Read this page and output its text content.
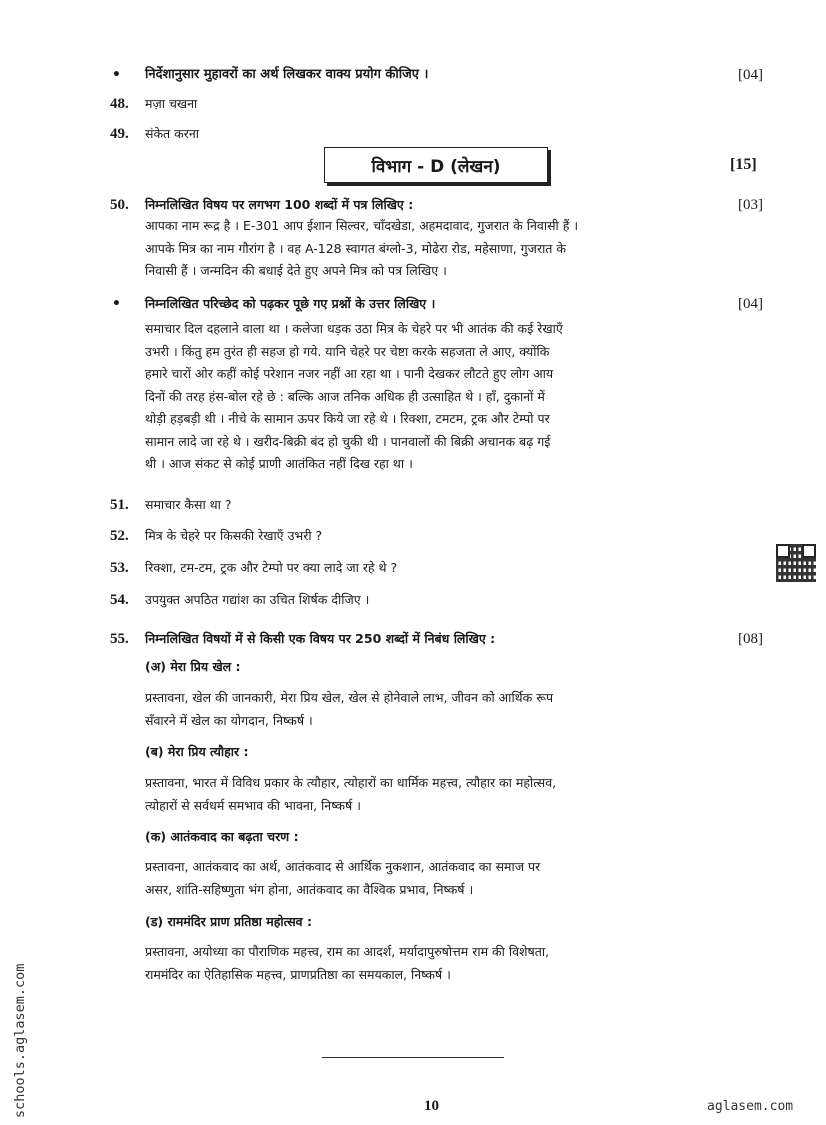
• निर्देशानुसार मुहावरों का अर्थ लिखकर वाक्य प्रयोग कीजिए ।	[04]
48. मज़ा चखना
49. संकेत करना
विभाग - D (लेखन)	[15]
50. निम्नलिखित विषय पर लगभग 100 शब्दों में पत्र लिखिए :	[03]
आपका नाम रूद्र है । E-301 आप ईशान सिल्वर, चाँदखेडा, अहमदावाद, गुजरात के निवासी हैं ।
आपके मित्र का नाम गौरांग है । वह A-128 स्वागत बंग्लो-3, मोढेरा रोड, महेसाणा, गुजरात के
निवासी हैं । जन्मदिन की बधाई देते हुए अपने मित्र को पत्र लिखिए ।
• निम्नलिखित परिच्छेद को पढ़कर पूछे गए प्रश्नों के उत्तर लिखिए ।	[04]
समाचार दिल दहलाने वाला था । कलेजा धड़क उठा मित्र के चेहरे पर भी आतंक की कई रेखाएँ
उभरी । किंतु हम तुरंत ही सहज हो गये. यानि चेहरे पर चेष्टा करके सहजता ले आए, क्योंकि
हमारे चारों ओर कहीं कोई परेशान नजर नहीं आ रहा था । पानी देखकर लौटते हुए लोग आय
दिनों की तरह हंस-बोल रहे छे : बल्कि आज तनिक अधिक ही उत्साहित थे । हाँ, दुकानों में
थोड़ी हड़बड़ी थी । नीचे के सामान ऊपर किये जा रहे थे । रिक्शा, टमटम, ट्रक और टेम्पो पर
सामान लादे जा रहे थे । खरीद-बिक्री बंद हो चुकी थी । पानवालों की बिक्री अचानक बढ़ गई
थी । आज संकट से कोई प्राणी आतंकित नहीं दिख रहा था ।
51. समाचार कैसा था ?
52. मित्र के चेहरे पर किसकी रेखाएँ उभरी ?
53. रिक्शा, टम-टम, ट्रक और टेम्पो पर क्या लादे जा रहे थे ?
54. उपयुक्त अपठित गद्यांश का उचित शिर्षक दीजिए ।
55. निम्नलिखित विषयों में से किसी एक विषय पर 250 शब्दों में निबंध लिखिए :	[08]
(अ) मेरा प्रिय खेल :
प्रस्तावना, खेल की जानकारी, मेरा प्रिय खेल, खेल से होनेवाले लाभ, जीवन को आर्थिक रूप
सँवारने में खेल का योगदान, निष्कर्ष ।
(ब) मेरा प्रिय त्यौहार :
प्रस्तावना, भारत में विविध प्रकार के त्यौहार, त्योहारों का धार्मिक महत्त्व, त्यौहार का महोत्सव,
त्योहारों से सर्वधर्म समभाव की भावना, निष्कर्ष ।
(क) आतंकवाद का बढ़ता चरण :
प्रस्तावना, आतंकवाद का अर्थ, आतंकवाद से आर्थिक नुकशान, आतंकवाद का समाज पर
असर, शांति-सहिष्णुता भंग होना, आतंकवाद का वैश्विक प्रभाव, निष्कर्ष ।
(ड) राममंदिर प्राण प्रतिष्ठा महोत्सव :
प्रस्तावना, अयोध्या का पौराणिक महत्त्व, राम का आदर्श, मर्यादापुरुषोत्तम राम की विशेषता,
राममंदिर का ऐतिहासिक महत्त्व, प्राणप्रतिष्ठा का समयकाल, निष्कर्ष ।
10	aglasem.com
schools.aglasem.com
